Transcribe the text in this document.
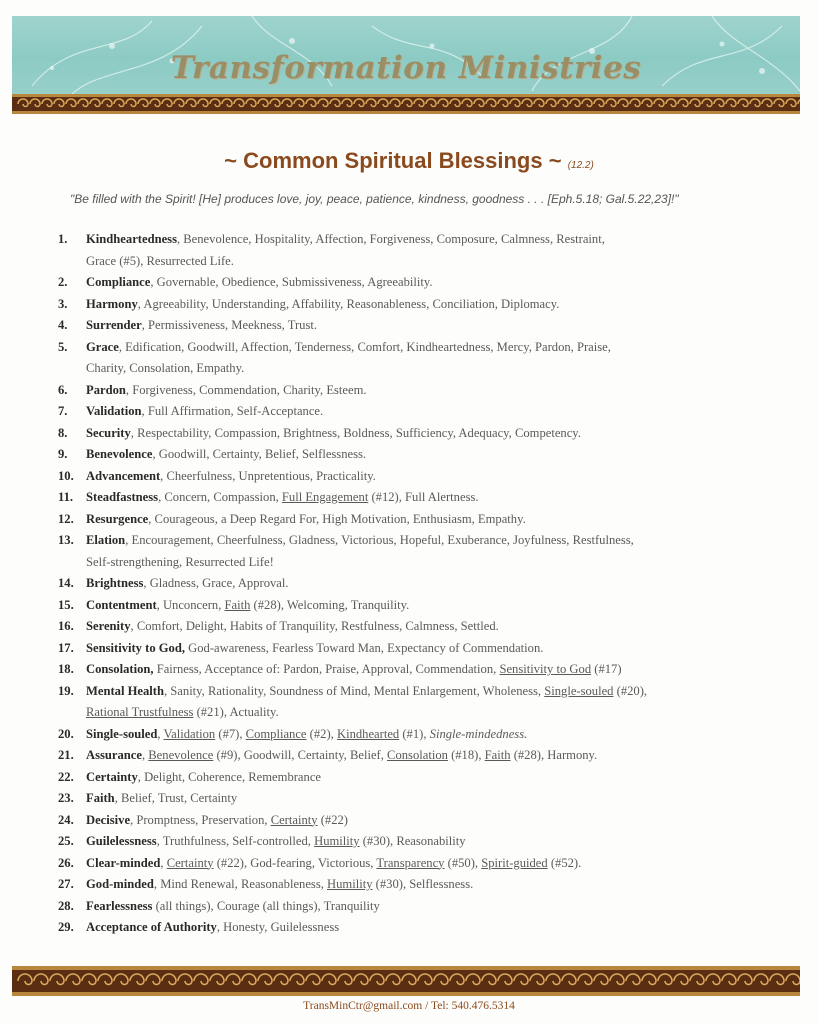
Transformation Ministries
~ Common Spiritual Blessings ~ (12.2)
"Be filled with the Spirit! [He] produces love, joy, peace, patience, kindness, goodness . . . [Eph.5.18; Gal.5.22,23]!"
1.	Kindheartedness, Benevolence, Hospitality, Affection, Forgiveness, Composure, Calmness, Restraint,
Grace (#5), Resurrected Life.
2.	Compliance, Governable, Obedience, Submissiveness, Agreeability.
3.	Harmony, Agreeability, Understanding, Affability, Reasonableness, Conciliation, Diplomacy.
4.	Surrender, Permissiveness, Meekness, Trust.
5.	Grace, Edification, Goodwill, Affection, Tenderness, Comfort, Kindheartedness, Mercy, Pardon, Praise,
Charity, Consolation, Empathy.
6.	Pardon, Forgiveness, Commendation, Charity, Esteem.
7.	Validation, Full Affirmation, Self-Acceptance.
8.	Security, Respectability, Compassion, Brightness, Boldness, Sufficiency, Adequacy, Competency.
9.	Benevolence, Goodwill, Certainty, Belief, Selflessness.
10. Advancement, Cheerfulness, Unpretentious, Practicality.
11.	Steadfastness, Concern, Compassion, Full Engagement (#12), Full Alertness.
12. Resurgence, Courageous, a Deep Regard For, High Motivation, Enthusiasm, Empathy.
13. Elation, Encouragement, Cheerfulness, Gladness, Victorious, Hopeful, Exuberance, Joyfulness, Restfulness,
Self-strengthening, Resurrected Life!
14. Brightness, Gladness, Grace, Approval.
15. Contentment, Unconcern, Faith (#28), Welcoming, Tranquility.
16. Serenity, Comfort, Delight, Habits of Tranquility, Restfulness, Calmness, Settled.
17. Sensitivity to God, God-awareness, Fearless Toward Man, Expectancy of Commendation.
18. Consolation, Fairness, Acceptance of: Pardon, Praise, Approval, Commendation, Sensitivity to God (#17)
19. Mental Health, Sanity, Rationality, Soundness of Mind, Mental Enlargement, Wholeness, Single-souled (#20),
Rational Trustfulness (#21), Actuality.
20. Single-souled, Validation (#7), Compliance (#2), Kindhearted (#1), Single-mindedness.
21. Assurance, Benevolence (#9), Goodwill, Certainty, Belief, Consolation (#18), Faith (#28), Harmony.
22. Certainty, Delight, Coherence, Remembrance
23. Faith, Belief, Trust, Certainty
24. Decisive, Promptness, Preservation, Certainty (#22)
25. Guilelessness, Truthfulness, Self-controlled, Humility (#30), Reasonability
26. Clear-minded, Certainty (#22), God-fearing, Victorious, Transparency (#50), Spirit-guided (#52).
27. God-minded, Mind Renewal, Reasonableness, Humility (#30), Selflessness.
28. Fearlessness (all things), Courage (all things), Tranquility
29. Acceptance of Authority, Honesty, Guilelessness
TransMinCtr@gmail.com / Tel: 540.476.5314
